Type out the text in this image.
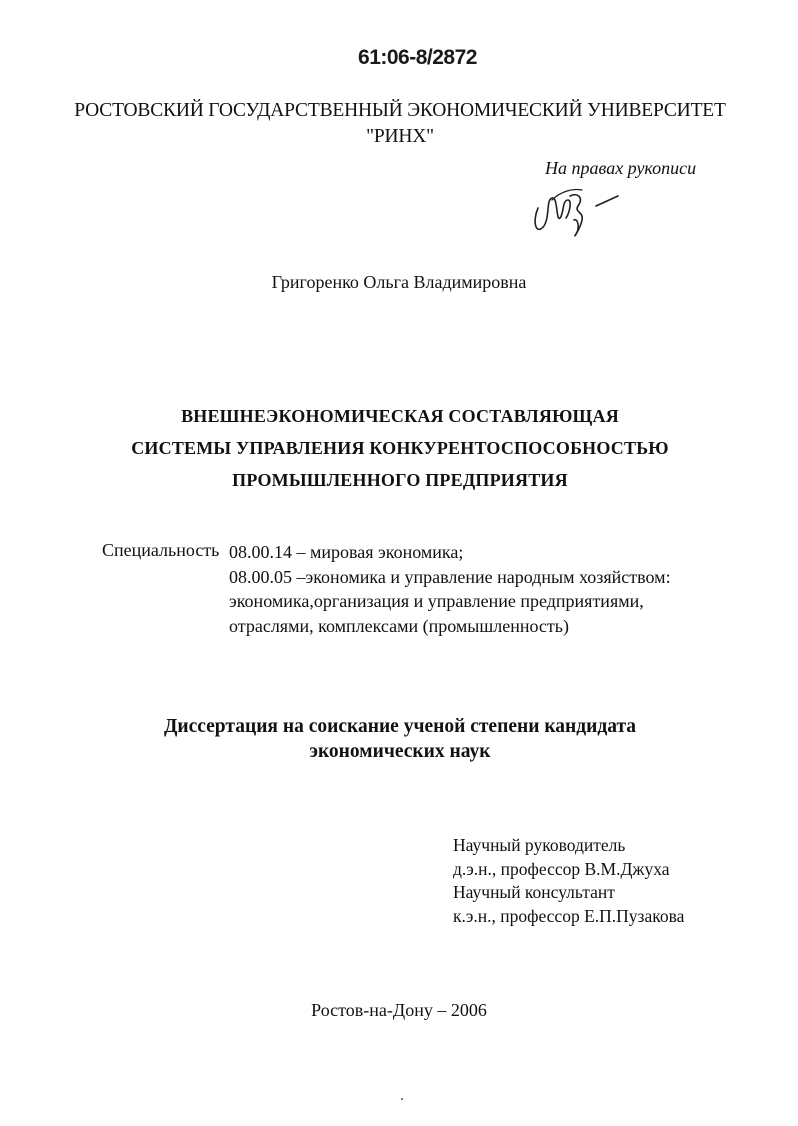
61:06-8/2872
РОСТОВСКИЙ ГОСУДАРСТВЕННЫЙ ЭКОНОМИЧЕСКИЙ УНИВЕРСИТЕТ
"РИНХ"
На правах рукописи
Григоренко Ольга Владимировна
ВНЕШНЕЭКОНОМИЧЕСКАЯ СОСТАВЛЯЮЩАЯ
СИСТЕМЫ УПРАВЛЕНИЯ КОНКУРЕНТОСПОСОБНОСТЬЮ
ПРОМЫШЛЕННОГО ПРЕДПРИЯТИЯ
Специальность 08.00.14 – мировая экономика;
08.00.05 –экономика и управление народным хозяйством:
экономика,организация и управление предприятиями,
отраслями, комплексами (промышленность)
Диссертация на соискание ученой степени кандидата
экономических наук
Научный руководитель
д.э.н., профессор В.М.Джуха
Научный консультант
к.э.н., профессор Е.П.Пузакова
Ростов-на-Дону – 2006
